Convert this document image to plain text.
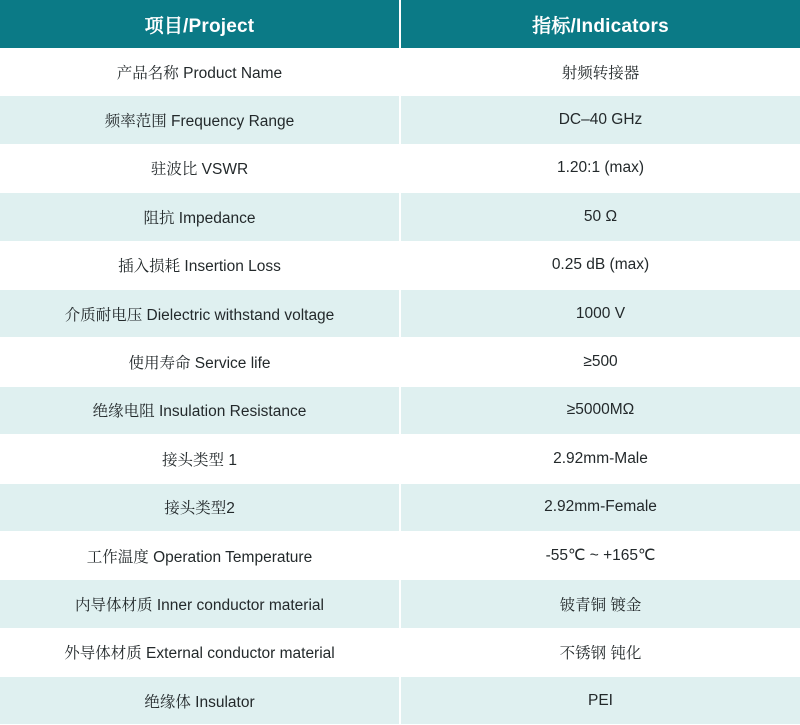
项目/Project	指标/Indicators
产品名称 Product Name	射频转接器
频率范围 Frequency Range	DC–40 GHz
驻波比 VSWR	1.20:1 (max)
阻抗 Impedance	50 Ω
插入损耗 Insertion Loss	0.25 dB (max)
介质耐电压 Dielectric withstand voltage	1000 V
使用寿命 Service life	≥500
绝缘电阻 Insulation Resistance	≥5000MΩ
接头类型 1	2.92mm-Male
接头类型2	2.92mm-Female
工作温度 Operation Temperature	-55℃ ~ +165℃
内导体材质 Inner conductor material	铍青铜 镀金
外导体材质 External conductor material	不锈钢 钝化
绝缘体 Insulator	PEI
